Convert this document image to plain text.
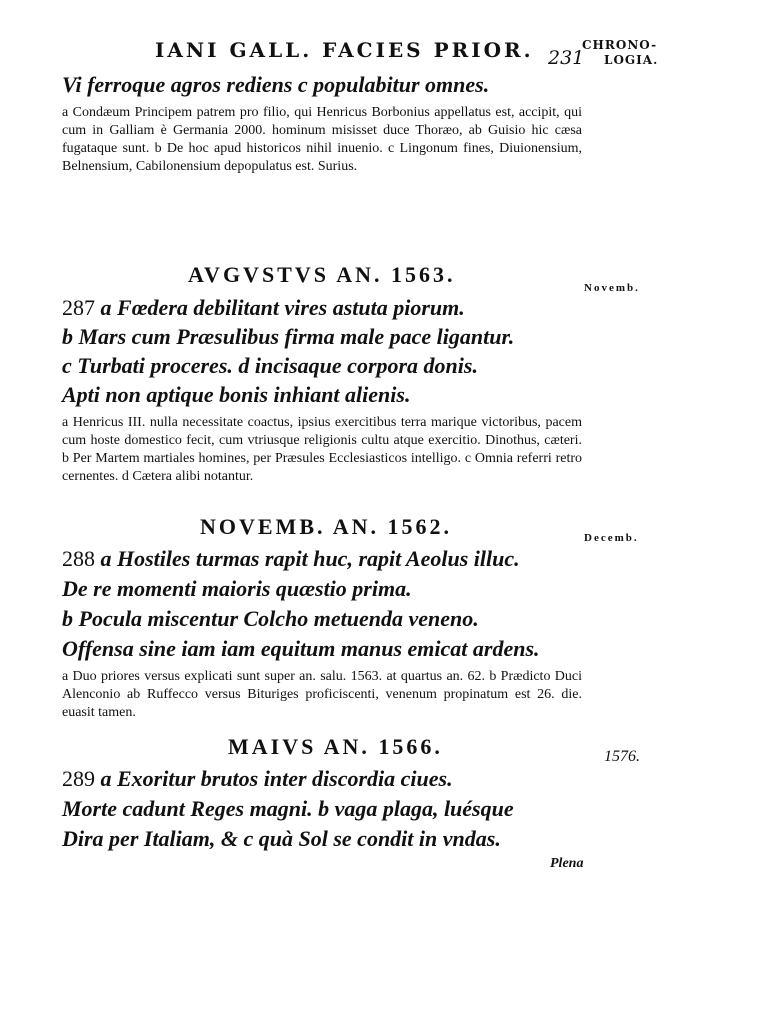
IANI GALL. FACIES PRIOR. 231
CHRONO-
LOGIA.
Vi ferroque agros rediens c populabitur omnes.
a Condæum Principem patrem pro filio, qui Henricus Borbonius appellatus est, accipit, qui cum in Galliam è Germania 2000. hominum misisset duce Thoræo, ab Guisio hic cæsa fugataque sunt. b De hoc apud historicos nihil inuenio. c Lingonum fines, Diuionensium, Belnensium, Cabilonensium depopulatus est. Surius.
AVGVSTVS AN. 1563.
Novemb.
287 a Fœdera debilitant vires astuta piorum.
b Mars cum Præsulibus firma male pace ligantur.
c Turbati proceres. d incisaque corpora donis.
Apti non aptique bonis inhiant alienis.
a Henricus III. nulla necessitate coactus, ipsius exercitibus terra marique victoribus, pacem cum hoste domestico fecit, cum vtriusque religionis cultu atque exercitio. Dinothus, cæteri. b Per Martem martiales homines, per Præsules Ecclesiasticos intelligo. c Omnia referri retro cernentes. d Cætera alibi notantur.
NOVEMB. AN. 1562.	Decemb.
288 a Hostiles turmas rapit huc, rapit Aeolus illuc.
De re momenti maioris quæstio prima.
b Pocula miscentur Colcho metuenda veneno.
Offensa sine iam iam equitum manus emicat ardens.
a Duo priores versus explicati sunt super an. salu. 1563. at quartus an. 62. b Prædicto Duci Alenconio ab Ruffecco versus Bituriges proficiscenti, venenum propinatum est 26. die. euasit tamen.
MAIVS AN. 1566.	1576.
289 a Exoritur brutos inter discordia ciues.
Morte cadunt Reges magni. b vaga plaga, luésque
Dira per Italiam, & c quà Sol se condit in vndas.
Plena
